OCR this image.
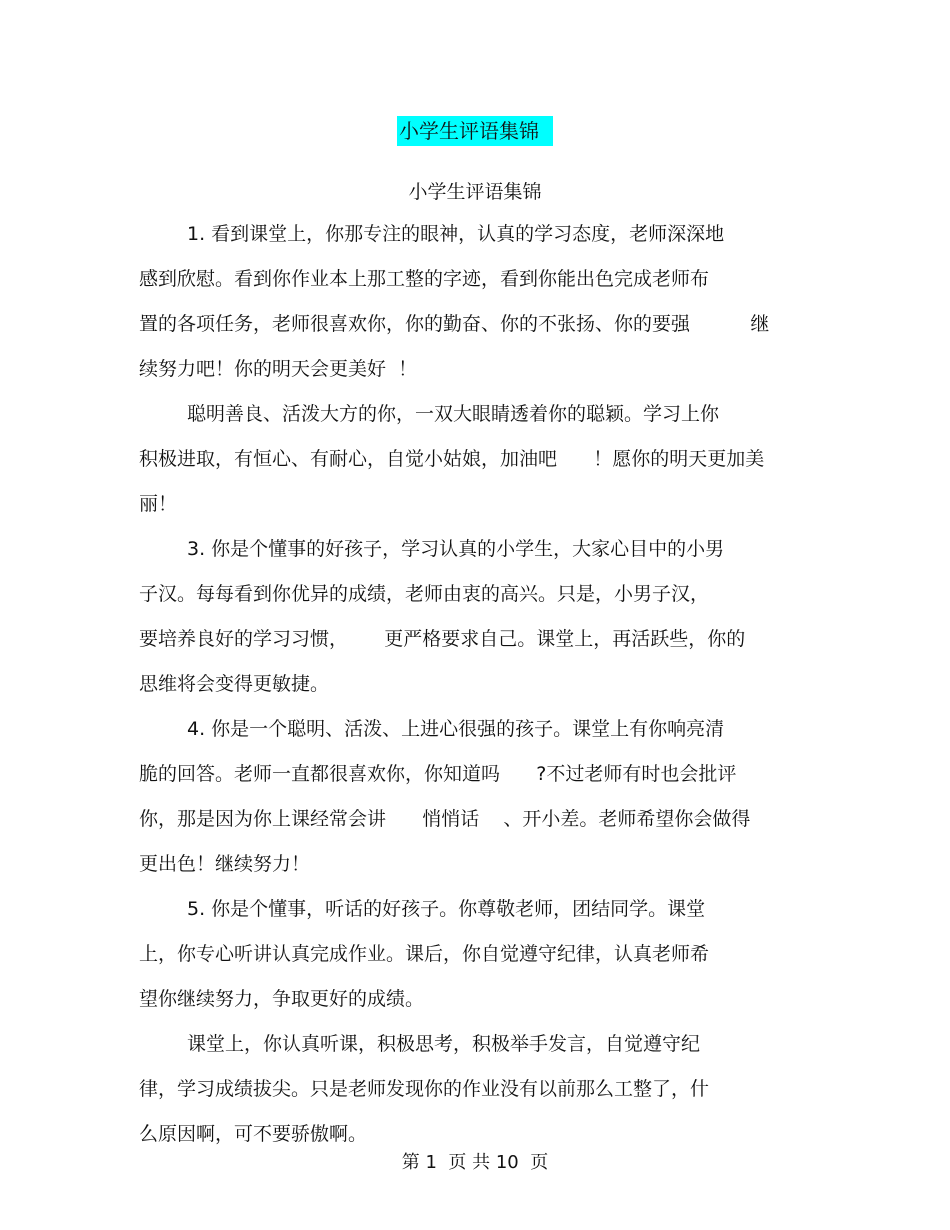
小学生评语集锦
小学生评语集锦
1. 看到课堂上，你那专注的眼神，认真的学习态度，老师深深地
感到欣慰。看到你作业本上那工整的字迹，看到你能出色完成老师布
置的各项任务，老师很喜欢你，你的勤奋、你的不张扬、你的要强          继
续努力吧！你的明天会更美好  ！
聪明善良、活泼大方的你，一双大眼睛透着你的聪颖。学习上你
积极进取，有恒心、有耐心，自觉小姑娘，加油吧      ！愿你的明天更加美
丽！
3. 你是个懂事的好孩子，学习认真的小学生，大家心目中的小男
子汉。每每看到你优异的成绩，老师由衷的高兴。只是，小男子汉，
要培养良好的学习习惯，      更严格要求自己。课堂上，再活跃些，你的
思维将会变得更敏捷。
4. 你是一个聪明、活泼、上进心很强的孩子。课堂上有你响亮清
脆的回答。老师一直都很喜欢你，你知道吗      ?不过老师有时也会批评
你，那是因为你上课经常会讲      悄悄话    、开小差。老师希望你会做得
更出色！继续努力！
5. 你是个懂事，听话的好孩子。你尊敬老师，团结同学。课堂
上，你专心听讲认真完成作业。课后，你自觉遵守纪律，认真老师希
望你继续努力，争取更好的成绩。
课堂上，你认真听课，积极思考，积极举手发言，自觉遵守纪
律，学习成绩拔尖。只是老师发现你的作业没有以前那么工整了，什
么原因啊，可不要骄傲啊。
第 1  页 共 10  页
